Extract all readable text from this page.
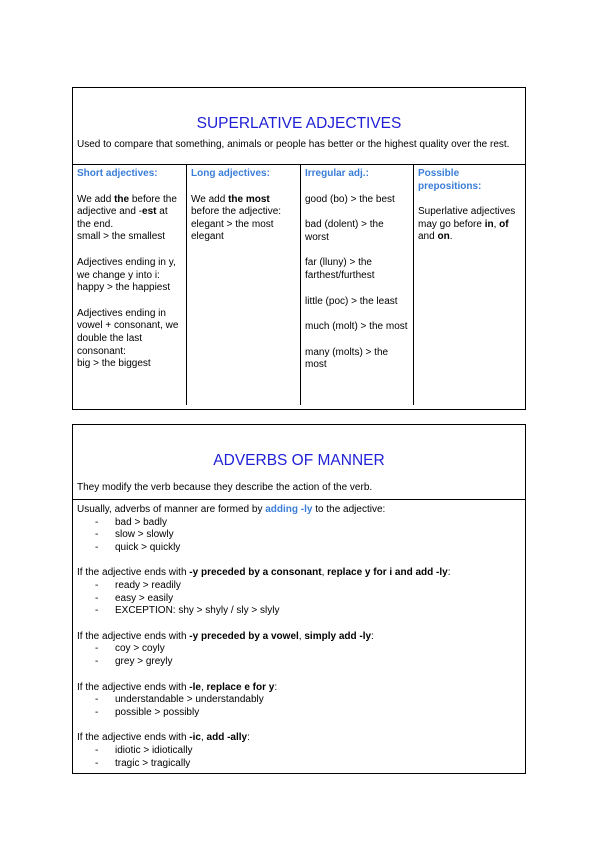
SUPERLATIVE ADJECTIVES
Used to compare that something, animals or people has better or the highest quality over the rest.
Short adjectives:
We add the before the adjective and -est at the end.
small > the smallest
Adjectives ending in y, we change y into i:
happy > the happiest
Adjectives ending in vowel + consonant, we double the last consonant:
big > the biggest
Long adjectives:
We add the most before the adjective: elegant > the most elegant
Irregular adj.:
good (bo) > the best
bad (dolent) > the worst
far (lluny) > the farthest/furthest
little (poc) > the least
much (molt) > the most
many (molts) > the most
Possible prepositions:
Superlative adjectives may go before in, of and on.
ADVERBS OF MANNER
They modify the verb because they describe the action of the verb.
Usually, adverbs of manner are formed by adding -ly to the adjective:
- bad > badly
- slow > slowly
- quick > quickly
If the adjective ends with -y preceded by a consonant, replace y for i and add -ly:
- ready > readily
- easy > easily
- EXCEPTION: shy > shyly / sly > slyly
If the adjective ends with -y preceded by a vowel, simply add -ly:
- coy > coyly
- grey > greyly
If the adjective ends with -le, replace e for y:
- understandable > understandably
- possible > possibly
If the adjective ends with -ic, add -ally:
- idiotic > idiotically
- tragic > tragically
